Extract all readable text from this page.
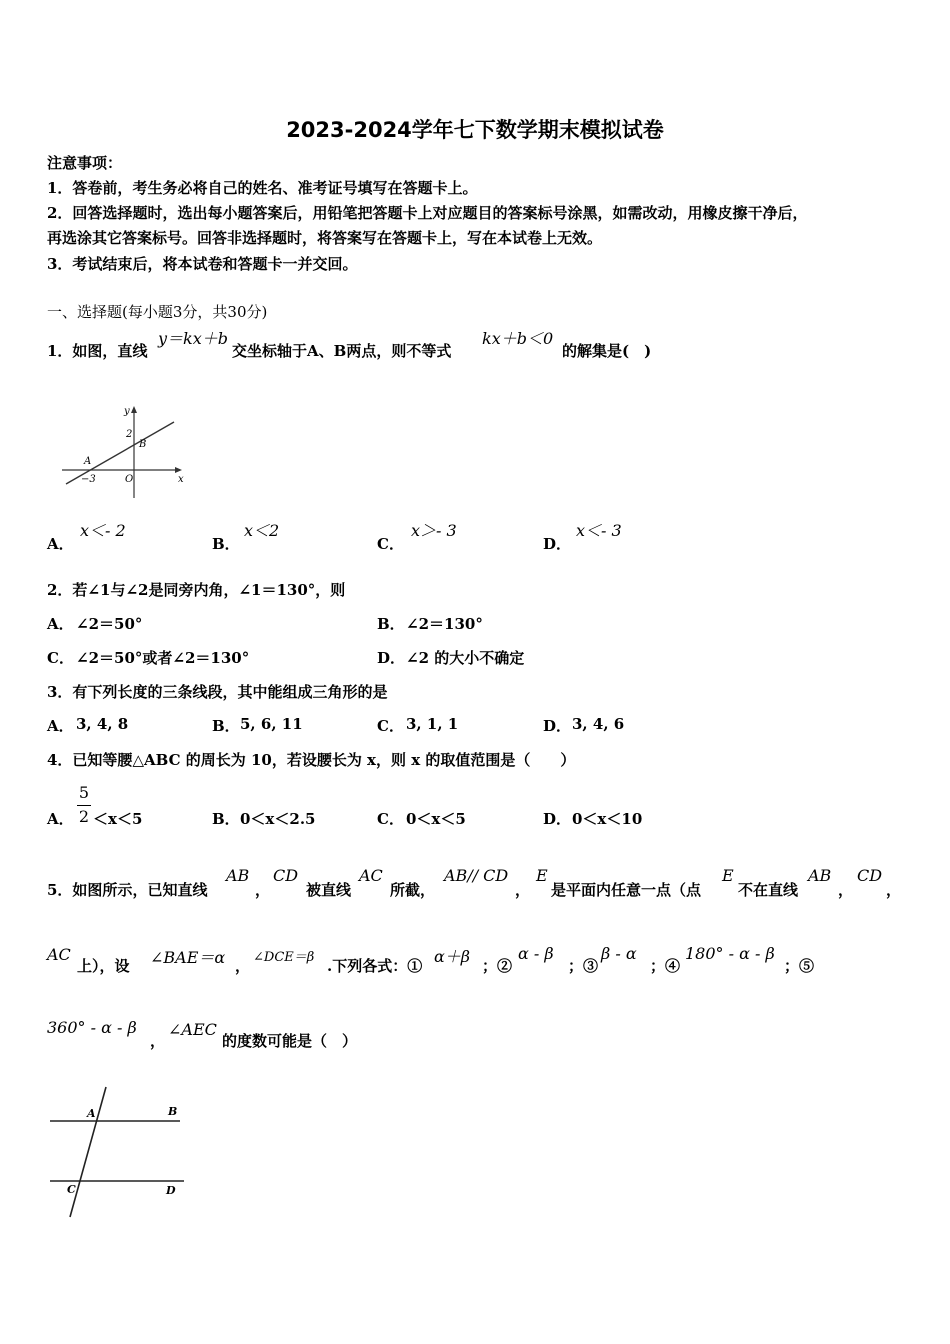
2023-2024学年七下数学期末模拟试卷
注意事项：
1．答卷前，考生务必将自己的姓名、准考证号填写在答题卡上。
2．回答选择题时，选出每小题答案后，用铅笔把答题卡上对应题目的答案标号涂黑，如需改动，用橡皮擦干净后，
再选涂其它答案标号。回答非选择题时，将答案写在答题卡上，写在本试卷上无效。
3．考试结束后，将本试卷和答题卡一并交回。
一、选择题(每小题3分，共30分)
1．如图，直线
y＝kx＋b
交坐标轴于A、B两点，则不等式
kx＋b＜0
的解集是(　)
y
x
2
B
A
−3	O
A．
x＜- 2
B．
x＜2
C．
x＞- 3
D．
x＜- 3
2．若∠1与∠2是同旁内角，∠1＝130°，则
A． ∠2＝50°	B． ∠2＝130°
C． ∠2＝50°或者∠2＝130°	D． ∠2 的大小不确定
3．有下列长度的三条线段，其中能组成三角形的是
A． 3, 4, 8	B． 5, 6, 11	C． 3, 1, 1	D． 3, 4, 6
4．已知等腰△ABC 的周长为 10，若设腰长为 x，则 x 的取值范围是（　　）
A．
5
2 ＜x＜5	B． 0＜x＜2.5	C． 0＜x＜5	D． 0＜x＜10
5．如图所示，已知直线
AB
，
CD
被直线
AC
所截，
AB// CD
，
E
是平面内任意一点（点
E
不在直线
AB
，
CD
，
AC
上），设 ∠BAE＝α ， ∠DCE＝β .下列各式：① α＋β ；②
α - β
；③
β - α
；④
180° - α - β
；⑤
360° - α - β
，
∠AEC
的度数可能是（　）
A	B
C	D
